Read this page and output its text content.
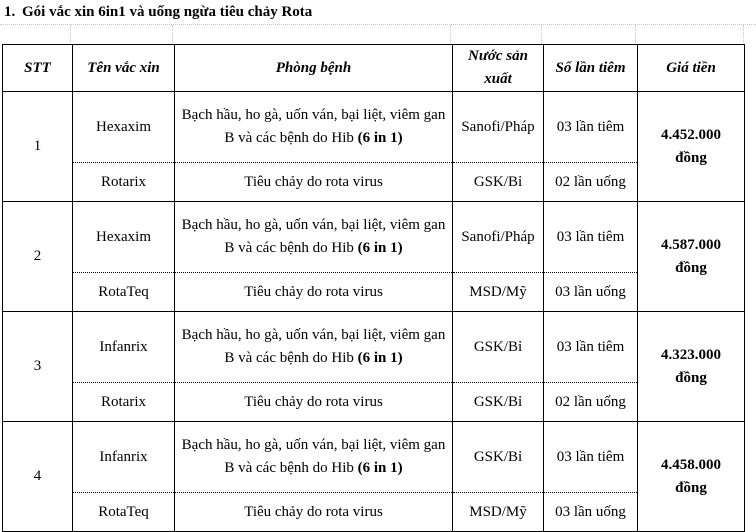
1. Gói vắc xin 6in1 và uống ngừa tiêu chảy Rota
STT	Tên vắc xin	Phòng bệnh	Nước sản xuất	Số lần tiêm	Giá tiền
1	Hexaxim	Bạch hầu, ho gà, uốn ván, bại liệt, viêm gan B và các bệnh do Hib (6 in 1)	Sanofi/Pháp	03 lần tiêm	4.452.000
đồng
	Rotarix	Tiêu chảy do rota virus	GSK/Bỉ	02 lần uống	
2	Hexaxim	Bạch hầu, ho gà, uốn ván, bại liệt, viêm gan B và các bệnh do Hib (6 in 1)	Sanofi/Pháp	03 lần tiêm	4.587.000
đồng
	RotaTeq	Tiêu chảy do rota virus	MSD/Mỹ	03 lần uống	
3	Infanrix	Bạch hầu, ho gà, uốn ván, bại liệt, viêm gan B và các bệnh do Hib (6 in 1)	GSK/Bỉ	03 lần tiêm	4.323.000
đồng
	Rotarix	Tiêu chảy do rota virus	GSK/Bỉ	02 lần uống	
4	Infanrix	Bạch hầu, ho gà, uốn ván, bại liệt, viêm gan B và các bệnh do Hib (6 in 1)	GSK/Bỉ	03 lần tiêm	4.458.000
đồng
	RotaTeq	Tiêu chảy do rota virus	MSD/Mỹ	03 lần uống	
